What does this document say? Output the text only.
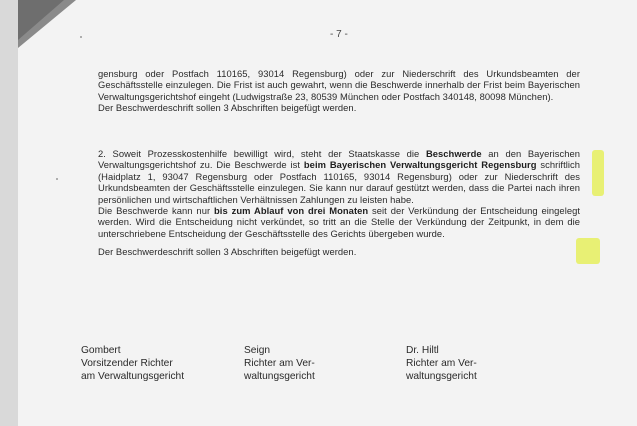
- 7 -

gensburg oder Postfach 110165, 93014 Regensburg) oder zur Niederschrift des Urkundsbeamten der Geschäftsstelle einzulegen. Die Frist ist auch gewahrt, wenn die Beschwerde innerhalb der Frist beim Bayerischen Verwaltungsgerichtshof eingeht (Ludwigstraße 23, 80539 München oder Postfach 340148, 80098 München).

Der Beschwerdeschrift sollen 3 Abschriften beigefügt werden.

2. Soweit Prozesskostenhilfe bewilligt wird, steht der Staatskasse die Beschwerde an den Bayerischen Verwaltungsgerichtshof zu. Die Beschwerde ist beim Bayerischen Verwaltungsgericht Regensburg schriftlich (Haidplatz 1, 93047 Regensburg oder Postfach 110165, 93014 Regensburg) oder zur Niederschrift des Urkundsbeamten der Geschäftsstelle einzulegen. Sie kann nur darauf gestützt werden, dass die Partei nach ihren persönlichen und wirtschaftlichen Verhältnissen Zahlungen zu leisten habe.

Die Beschwerde kann nur bis zum Ablauf von drei Monaten seit der Verkündung der Entscheidung eingelegt werden. Wird die Entscheidung nicht verkündet, so tritt an die Stelle der Verkündung der Zeitpunkt, in dem die unterschriebene Entscheidung der Geschäftsstelle des Gerichts übergeben wurde.

Der Beschwerdeschrift sollen 3 Abschriften beigefügt werden.

Gombert
Vorsitzender Richter
am Verwaltungsgericht
Seign
Richter am Ver-
waltungsgericht
Dr. Hiltl
Richter am Ver-
waltungsgericht
